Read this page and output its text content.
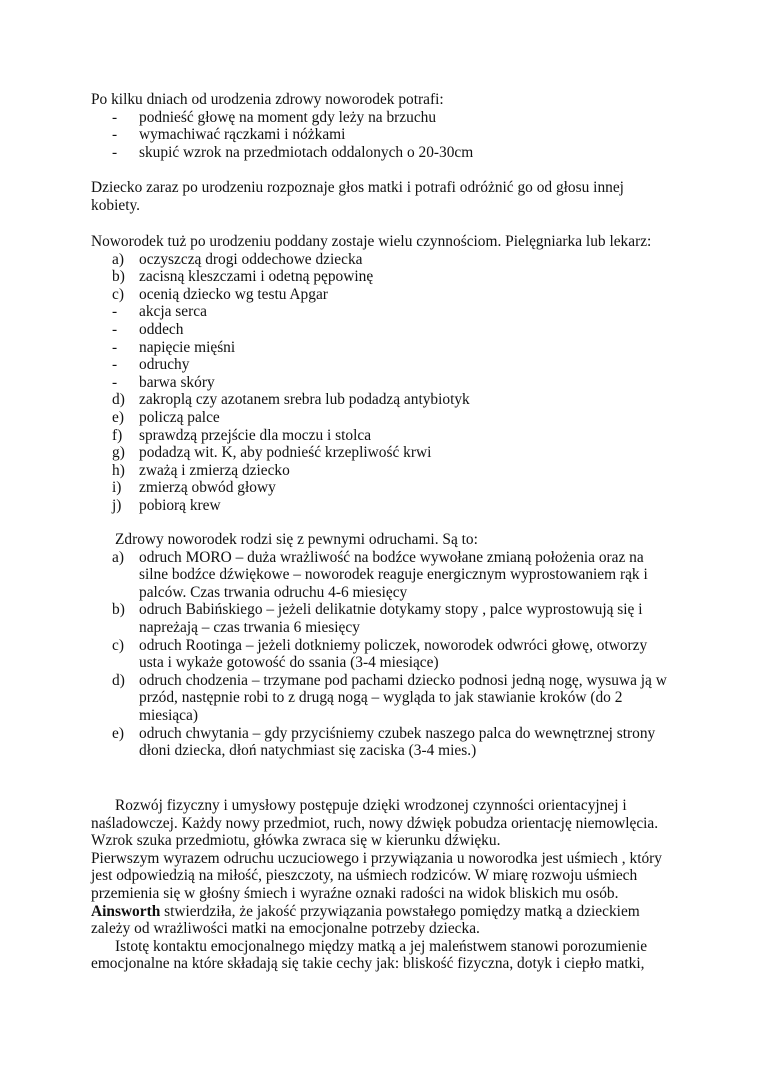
Po kilku dniach od urodzenia zdrowy noworodek potrafi:
- podnieść głowę na moment gdy leży na brzuchu
- wymachiwać rączkami i nóżkami
- skupić wzrok na przedmiotach oddalonych o 20-30cm
Dziecko zaraz po urodzeniu rozpoznaje głos matki i potrafi odróżnić go od głosu innej
kobiety.
Noworodek tuż po urodzeniu poddany zostaje wielu czynnościom. Pielęgniarka lub lekarz:
a) oczyszczą drogi oddechowe dziecka
b) zacisną kleszczami i odetną pępowinę
c) ocenią dziecko wg testu Apgar
- akcja serca
- oddech
- napięcie mięśni
- odruchy
- barwa skóry
d) zakroplą czy azotanem srebra lub podadzą antybiotyk
e) policzą palce
f) sprawdzą przejście dla moczu i stolca
g) podadzą wit. K, aby podnieść krzepliwość krwi
h) zważą i zmierzą dziecko
i) zmierzą obwód głowy
j) pobiorą krew
Zdrowy noworodek rodzi się z pewnymi odruchami. Są to:
a) odruch MORO – duża wrażliwość na bodźce wywołane zmianą położenia oraz na
silne bodźce dźwiękowe – noworodek reaguje energicznym wyprostowaniem rąk i
palców. Czas trwania odruchu 4-6 miesięcy
b) odruch Babińskiego – jeżeli delikatnie dotykamy stopy , palce wyprostowują się i
napreżają – czas trwania 6 miesięcy
c) odruch Rootinga – jeżeli dotkniemy policzek, noworodek odwróci głowę, otworzy
usta i wykaże gotowość do ssania (3-4 miesiące)
d) odruch chodzenia – trzymane pod pachami dziecko podnosi jedną nogę, wysuwa ją w
przód, następnie robi to z drugą nogą – wygląda to jak stawianie kroków (do 2
miesiąca)
e) odruch chwytania – gdy przyciśniemy czubek naszego palca do wewnętrznej strony
dłoni dziecka, dłoń natychmiast się zaciska (3-4 mies.)
Rozwój fizyczny i umysłowy postępuje dzięki wrodzonej czynności orientacyjnej i
naśladowczej. Każdy nowy przedmiot, ruch, nowy dźwięk pobudza orientację niemowlęcia.
Wzrok szuka przedmiotu, główka zwraca się w kierunku dźwięku.
Pierwszym wyrazem odruchu uczuciowego i przywiązania u noworodka jest uśmiech , który
jest odpowiedzią na miłość, pieszczoty, na uśmiech rodziców. W miarę rozwoju uśmiech
przemienia się w głośny śmiech i wyraźne oznaki radości na widok bliskich mu osób.
Ainsworth stwierdziła, że jakość przywiązania powstałego pomiędzy matką a dzieckiem
zależy od wrażliwości matki na emocjonalne potrzeby dziecka.
Istotę kontaktu emocjonalnego między matką a jej maleństwem stanowi porozumienie
emocjonalne na które składają się takie cechy jak: bliskość fizyczna, dotyk i ciepło matki,
